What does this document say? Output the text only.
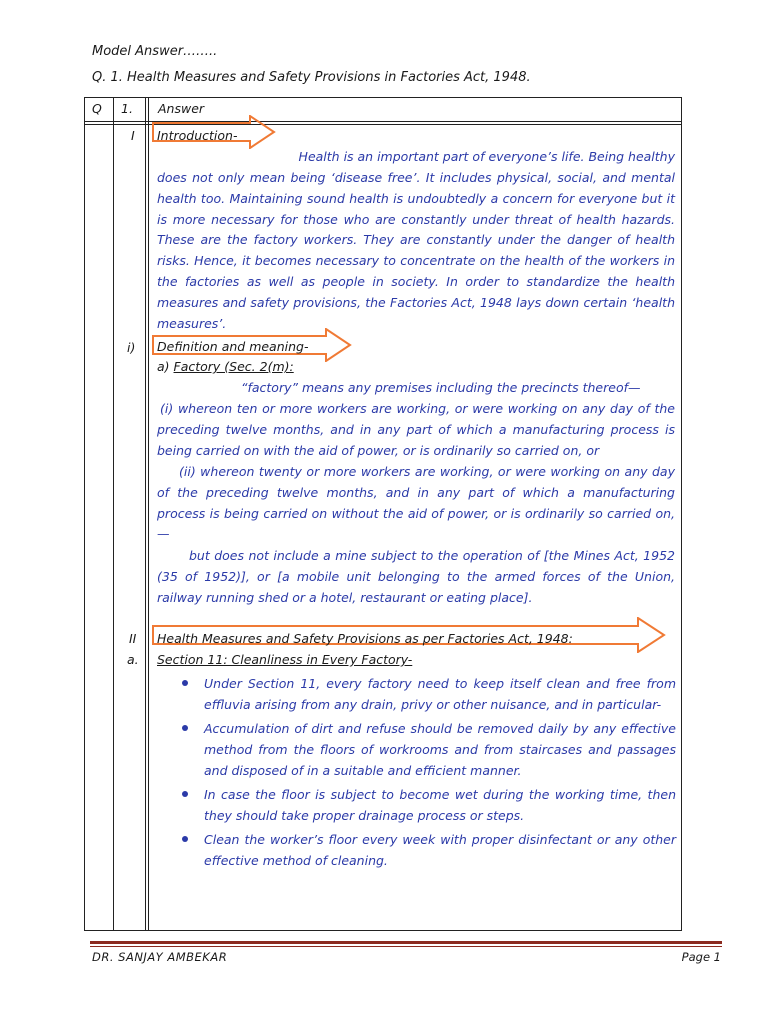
Model Answer……..
Q. 1. Health Measures and Safety Provisions in Factories Act, 1948.
Q 1. Answer
I Introduction-
Health is an important part of everyone’s life. Being healthy
does not only mean being ‘disease free’. It includes physical, social, and mental health too. Maintaining sound health is undoubtedly a concern for everyone but it is more necessary for those who are constantly under threat of health hazards. These are the factory workers. They are constantly under the danger of health risks. Hence, it becomes necessary to concentrate on the health of the workers in the factories as well as people in society. In order to standardize the health measures and safety provisions, the Factories Act, 1948 lays down certain ‘health measures’.
i) Definition and meaning-
a) Factory (Sec. 2(m):
“factory” means any premises including the precincts thereof—
(i) whereon ten or more workers are working, or were working on any day of the preceding twelve months, and in any part of which a manufacturing process is being carried on with the aid of power, or is ordinarily so carried on, or
(ii) whereon twenty or more workers are working, or were working on any day of the preceding twelve months, and in any part of which a manufacturing process is being carried on without the aid of power, or is ordinarily so carried on,—
but does not include a mine subject to the operation of [the Mines Act, 1952 (35 of 1952)], or [a mobile unit belonging to the armed forces of the Union, railway running shed or a hotel, restaurant or eating place].
II Health Measures and Safety Provisions as per Factories Act, 1948:
a. Section 11: Cleanliness in Every Factory-
Under Section 11, every factory need to keep itself clean and free from effluvia arising from any drain, privy or other nuisance, and in particular-
Accumulation of dirt and refuse should be removed daily by any effective method from the floors of workrooms and from staircases and passages and disposed of in a suitable and efficient manner.
In case the floor is subject to become wet during the working time, then they should take proper drainage process or steps.
Clean the worker’s floor every week with proper disinfectant or any other effective method of cleaning.
DR. SANJAY AMBEKAR	Page 1
